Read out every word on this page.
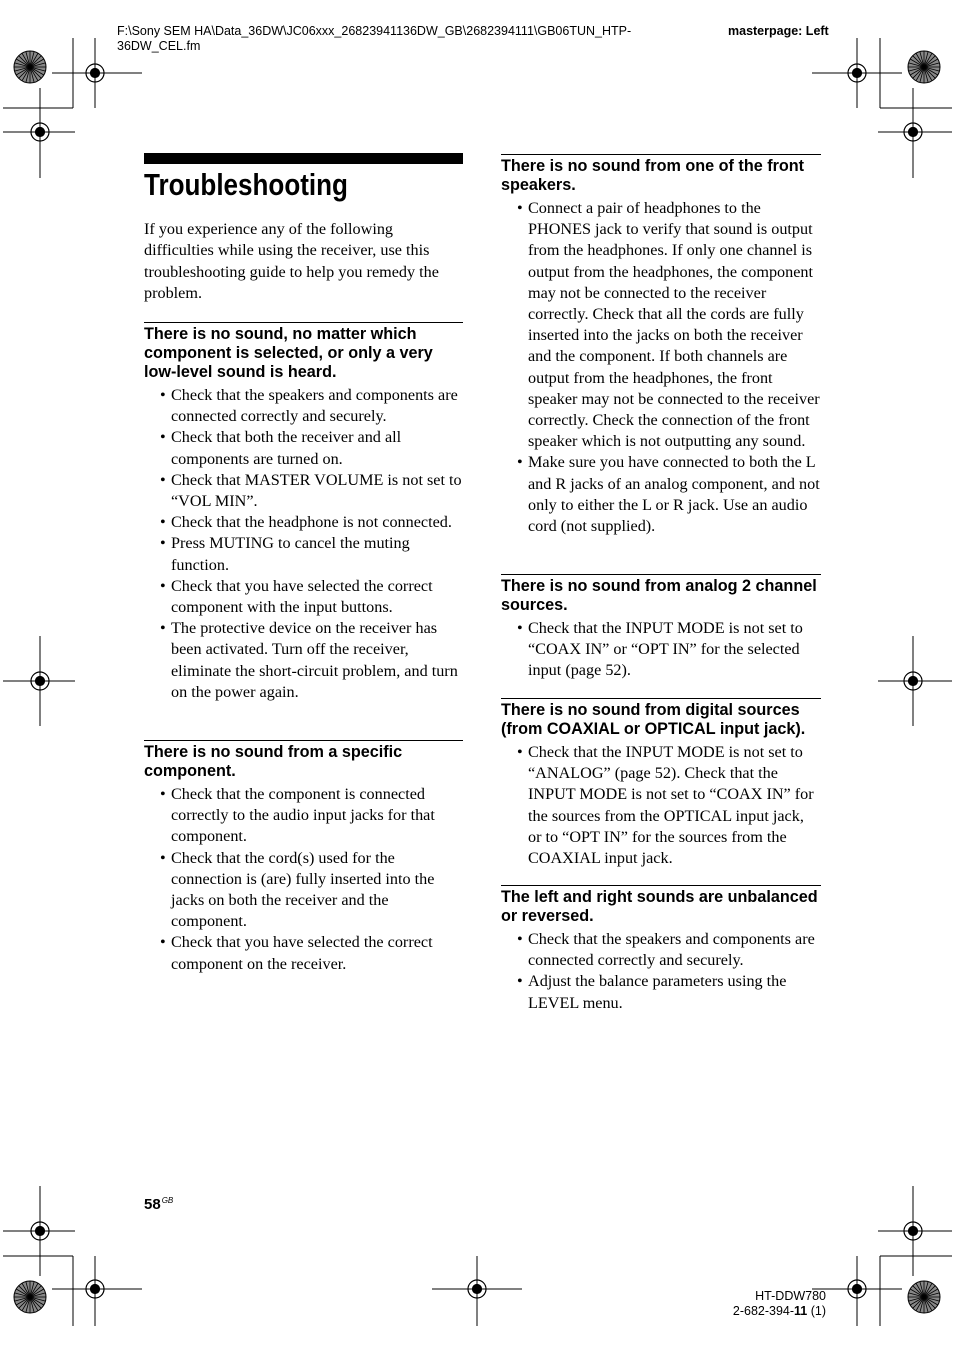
F:\Sony SEM HA\Data_36DW\JC06xxx_26823941136DW_GB\2682394111\GB06TUN_HTP-
36DW_CEL.fm
masterpage: Left
Troubleshooting
If you experience any of the following difficulties while using the receiver, use this troubleshooting guide to help you remedy the problem.
There is no sound, no matter which component is selected, or only a very low-level sound is heard.
• Check that the speakers and components are connected correctly and securely.
• Check that both the receiver and all components are turned on.
• Check that MASTER VOLUME is not set to “VOL MIN”.
• Check that the headphone is not connected.
• Press MUTING to cancel the muting function.
• Check that you have selected the correct component with the input buttons.
• The protective device on the receiver has been activated. Turn off the receiver, eliminate the short-circuit problem, and turn on the power again.
There is no sound from a specific component.
• Check that the component is connected correctly to the audio input jacks for that component.
• Check that the cord(s) used for the connection is (are) fully inserted into the jacks on both the receiver and the component.
• Check that you have selected the correct component on the receiver.
There is no sound from one of the front speakers.
• Connect a pair of headphones to the PHONES jack to verify that sound is output from the headphones. If only one channel is output from the headphones, the component may not be connected to the receiver correctly. Check that all the cords are fully inserted into the jacks on both the receiver and the component. If both channels are output from the headphones, the front speaker may not be connected to the receiver correctly. Check the connection of the front speaker which is not outputting any sound.
• Make sure you have connected to both the L and R jacks of an analog component, and not only to either the L or R jack. Use an audio cord (not supplied).
There is no sound from analog 2 channel sources.
• Check that the INPUT MODE is not set to “COAX IN” or “OPT IN” for the selected input (page 52).
There is no sound from digital sources (from COAXIAL or OPTICAL input jack).
• Check that the INPUT MODE is not set to “ANALOG” (page 52). Check that the INPUT MODE is not set to “COAX IN” for the sources from the OPTICAL input jack, or to “OPT IN” for the sources from the COAXIAL input jack.
The left and right sounds are unbalanced or reversed.
• Check that the speakers and components are connected correctly and securely.
• Adjust the balance parameters using the LEVEL menu.
$58^{GB}$
HT-DDW780
2-682-394-11 (1)
